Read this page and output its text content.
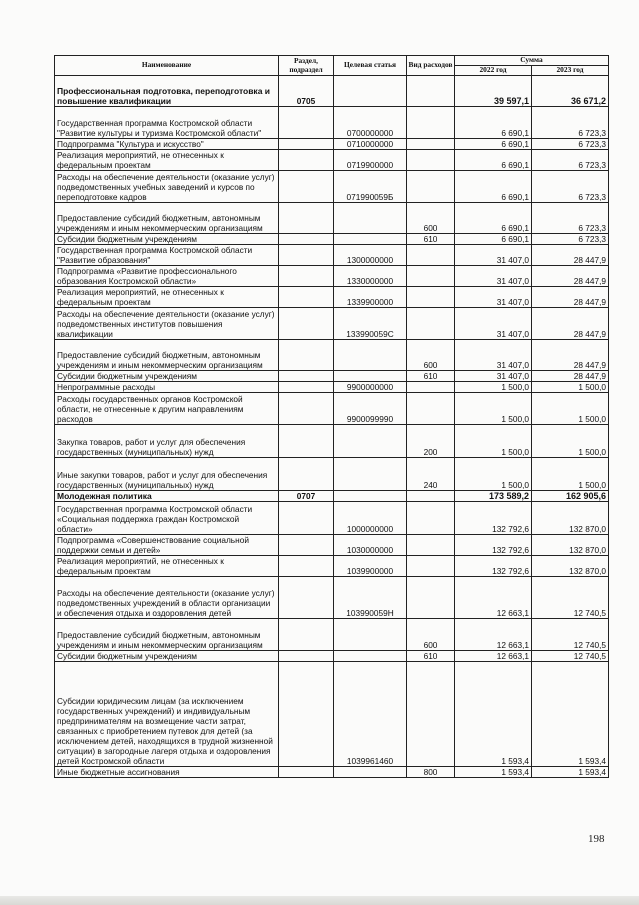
Наименование	Раздел, подраздел	Целевая статья	Вид расходов	Сумма	
				2022 год	2023 год
Профессиональная подготовка, переподготовка и повышение квалификации	0705			39 597,1	36 671,2
Государственная программа Костромской области "Развитие культуры и туризма Костромской области"		0700000000		6 690,1	6 723,3
Подпрограмма "Культура и искусство"		0710000000		6 690,1	6 723,3
Реализация мероприятий, не отнесенных к федеральным проектам		0719900000		6 690,1	6 723,3
Расходы на обеспечение деятельности (оказание услуг) подведомственных учебных заведений и курсов по переподготовке кадров		071990059Б		6 690,1	6 723,3
Предоставление субсидий бюджетным, автономным учреждениям и иным некоммерческим организациям			600	6 690,1	6 723,3
Субсидии бюджетным учреждениям			610	6 690,1	6 723,3
Государственная программа Костромской области "Развитие образования"		1300000000		31 407,0	28 447,9
Подпрограмма «Развитие профессионального образования Костромской области»		1330000000		31 407,0	28 447,9
Реализация мероприятий, не отнесенных к федеральным проектам		1339900000		31 407,0	28 447,9
Расходы на обеспечение деятельности (оказание услуг) подведомственных институтов повышения квалификации		133990059С		31 407,0	28 447,9
Предоставление субсидий бюджетным, автономным учреждениям и иным некоммерческим организациям			600	31 407,0	28 447,9
Субсидии бюджетным учреждениям			610	31 407,0	28 447,9
Непрограммные расходы		9900000000		1 500,0	1 500,0
Расходы государственных органов Костромской области, не отнесенные к другим направлениям расходов		9900099990		1 500,0	1 500,0
Закупка товаров, работ и услуг для обеспечения государственных (муниципальных) нужд			200	1 500,0	1 500,0
Иные закупки товаров, работ и услуг для обеспечения государственных (муниципальных) нужд			240	1 500,0	1 500,0
Молодежная политика	0707			173 589,2	162 905,6
Государственная программа Костромской области «Социальная поддержка граждан Костромской области»		1000000000		132 792,6	132 870,0
Подпрограмма «Совершенствование социальной поддержки семьи и детей»		1030000000		132 792,6	132 870,0
Реализация мероприятий, не отнесенных к федеральным проектам		1039900000		132 792,6	132 870,0
Расходы на обеспечение деятельности (оказание услуг) подведомственных учреждений в области организации и обеспечения отдыха и оздоровления детей		103990059Н		12 663,1	12 740,5
Предоставление субсидий бюджетным, автономным учреждениям и иным некоммерческим организациям			600	12 663,1	12 740,5
Субсидии бюджетным учреждениям			610	12 663,1	12 740,5
Субсидии юридическим лицам (за исключением государственных учреждений) и индивидуальным предпринимателям на возмещение части затрат, связанных с приобретением путевок для детей (за исключением детей, находящихся в трудной жизненной ситуации) в загородные лагеря отдыха и оздоровления детей Костромской области		1039961460		1 593,4	1 593,4
Иные бюджетные ассигнования			800	1 593,4	1 593,4
198
